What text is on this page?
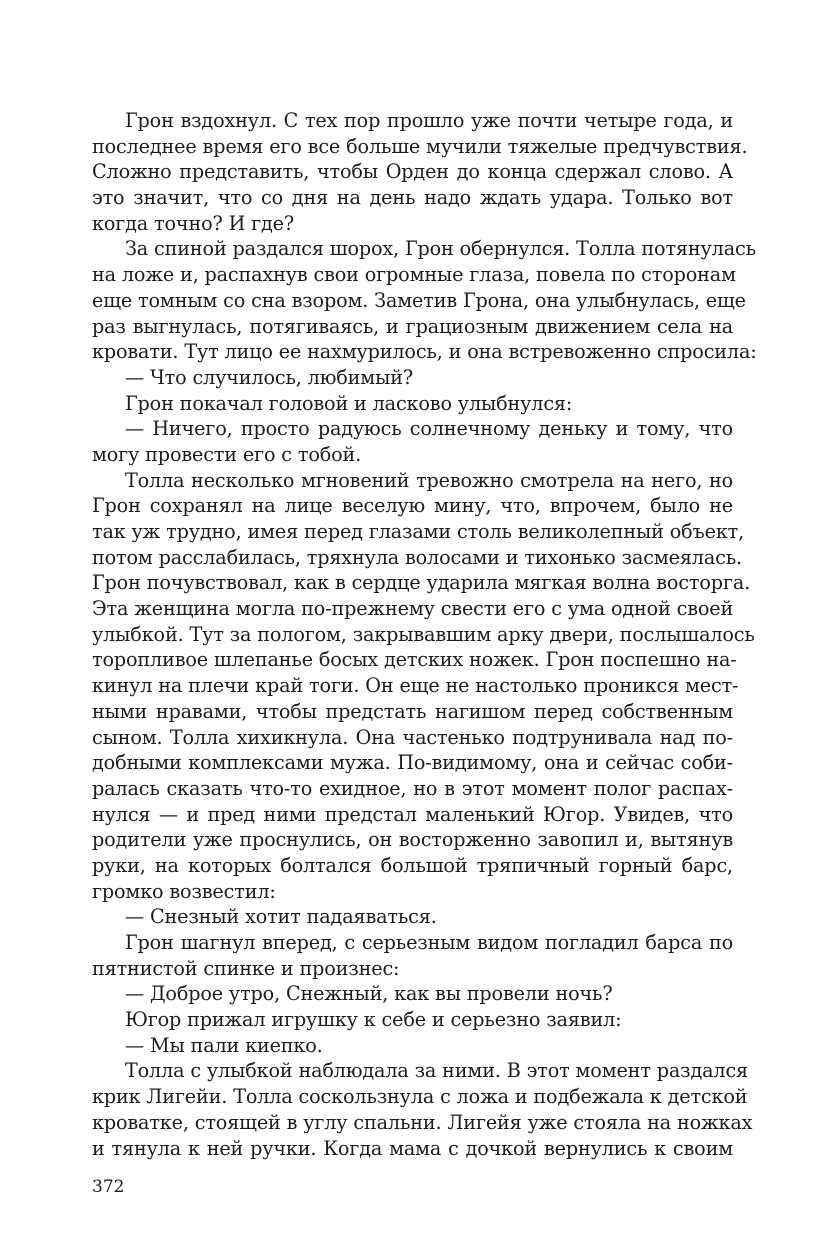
Грон вздохнул. С тех пор прошло уже почти четыре года, и
последнее время его все больше мучили тяжелые предчувствия.
Сложно представить, чтобы Орден до конца сдержал слово. А
это значит, что со дня на день надо ждать удара. Только вот
когда точно? И где?
За спиной раздался шорох, Грон обернулся. Толла потянулась
на ложе и, распахнув свои огромные глаза, повела по сторонам
еще томным со сна взором. Заметив Грона, она улыбнулась, еще
раз выгнулась, потягиваясь, и грациозным движением села на
кровати. Тут лицо ее нахмурилось, и она встревоженно спросила:
— Что случилось, любимый?
Грон покачал головой и ласково улыбнулся:
— Ничего, просто радуюсь солнечному деньку и тому, что
могу провести его с тобой.
Толла несколько мгновений тревожно смотрела на него, но
Грон сохранял на лице веселую мину, что, впрочем, было не
так уж трудно, имея перед глазами столь великолепный объект,
потом расслабилась, тряхнула волосами и тихонько засмеялась.
Грон почувствовал, как в сердце ударила мягкая волна восторга.
Эта женщина могла по-прежнему свести его с ума одной своей
улыбкой. Тут за пологом, закрывавшим арку двери, послышалось
торопливое шлепанье босых детских ножек. Грон поспешно на-
кинул на плечи край тоги. Он еще не настолько проникся мест-
ными нравами, чтобы предстать нагишом перед собственным
сыном. Толла хихикнула. Она частенько подтрунивала над по-
добными комплексами мужа. По-видимому, она и сейчас соби-
ралась сказать что-то ехидное, но в этот момент полог распах-
нулся — и пред ними предстал маленький Югор. Увидев, что
родители уже проснулись, он восторженно завопил и, вытянув
руки, на которых болтался большой тряпичный горный барс,
громко возвестил:
— Снезный хотит падаяваться.
Грон шагнул вперед, с серьезным видом погладил барса по
пятнистой спинке и произнес:
— Доброе утро, Снежный, как вы провели ночь?
Югор прижал игрушку к себе и серьезно заявил:
— Мы пали киепко.
Толла с улыбкой наблюдала за ними. В этот момент раздался
крик Лигейи. Толла соскользнула с ложа и подбежала к детской
кроватке, стоящей в углу спальни. Лигейя уже стояла на ножках
и тянула к ней ручки. Когда мама с дочкой вернулись к своим
372
